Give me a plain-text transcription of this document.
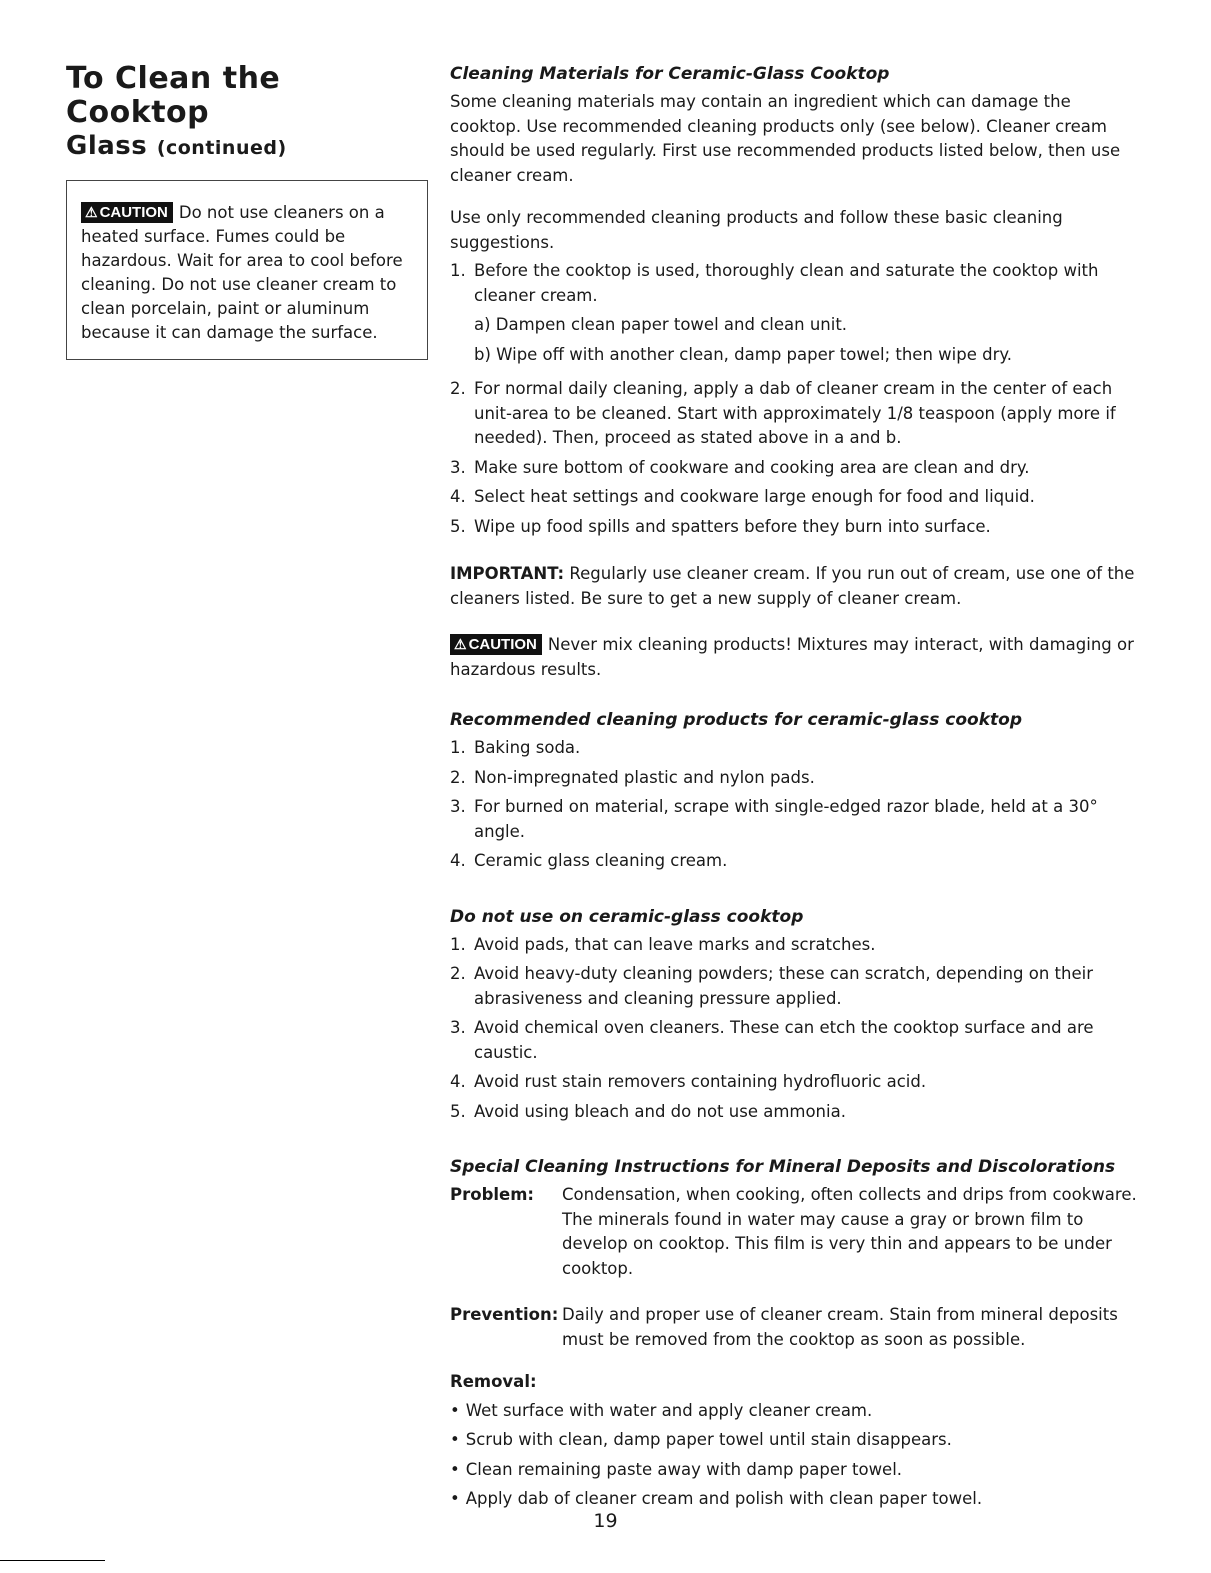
To Clean the Cooktop
Glass (continued)
⚠ CAUTION Do not use cleaners on a heated surface. Fumes could be hazardous. Wait for area to cool before cleaning. Do not use cleaner cream to clean porcelain, paint or aluminum because it can damage the surface.
Cleaning Materials for Ceramic-Glass Cooktop

Some cleaning materials may contain an ingredient which can damage the cooktop. Use recommended cleaning products only (see below). Cleaner cream should be used regularly. First use recommended products listed below, then use cleaner cream.

Use only recommended cleaning products and follow these basic cleaning suggestions.

1. Before the cooktop is used, thoroughly clean and saturate the cooktop with cleaner cream.
a) Dampen clean paper towel and clean unit.
b) Wipe off with another clean, damp paper towel; then wipe dry.
2. For normal daily cleaning, apply a dab of cleaner cream in the center of each unit-area to be cleaned. Start with approximately 1/8 teaspoon (apply more if needed). Then, proceed as stated above in a and b.
3. Make sure bottom of cookware and cooking area are clean and dry.
4. Select heat settings and cookware large enough for food and liquid.
5. Wipe up food spills and spatters before they burn into surface.

IMPORTANT: Regularly use cleaner cream. If you run out of cream, use one of the cleaners listed. Be sure to get a new supply of cleaner cream.

⚠ CAUTION Never mix cleaning products! Mixtures may interact, with damaging or hazardous results.

Recommended cleaning products for ceramic-glass cooktop
1. Baking soda.
2. Non-impregnated plastic and nylon pads.
3. For burned on material, scrape with single-edged razor blade, held at a 30° angle.
4. Ceramic glass cleaning cream.
Do not use on ceramic-glass cooktop
1. Avoid pads, that can leave marks and scratches.
2. Avoid heavy-duty cleaning powders; these can scratch, depending on their abrasiveness and cleaning pressure applied.
3. Avoid chemical oven cleaners. These can etch the cooktop surface and are caustic.
4. Avoid rust stain removers containing hydrofluoric acid.
5. Avoid using bleach and do not use ammonia.
Special Cleaning Instructions for Mineral Deposits and Discolorations
Problem:	Condensation, when cooking, often collects and drips from cookware. The minerals found in water may cause a gray or brown film to develop on cooktop. This film is very thin and appears to be under cooktop.
Prevention: Daily and proper use of cleaner cream. Stain from mineral deposits must be removed from the cooktop as soon as possible.

Removal:

• Wet surface with water and apply cleaner cream.
• Scrub with clean, damp paper towel until stain disappears.
• Clean remaining paste away with damp paper towel.
• Apply dab of cleaner cream and polish with clean paper towel.
19
